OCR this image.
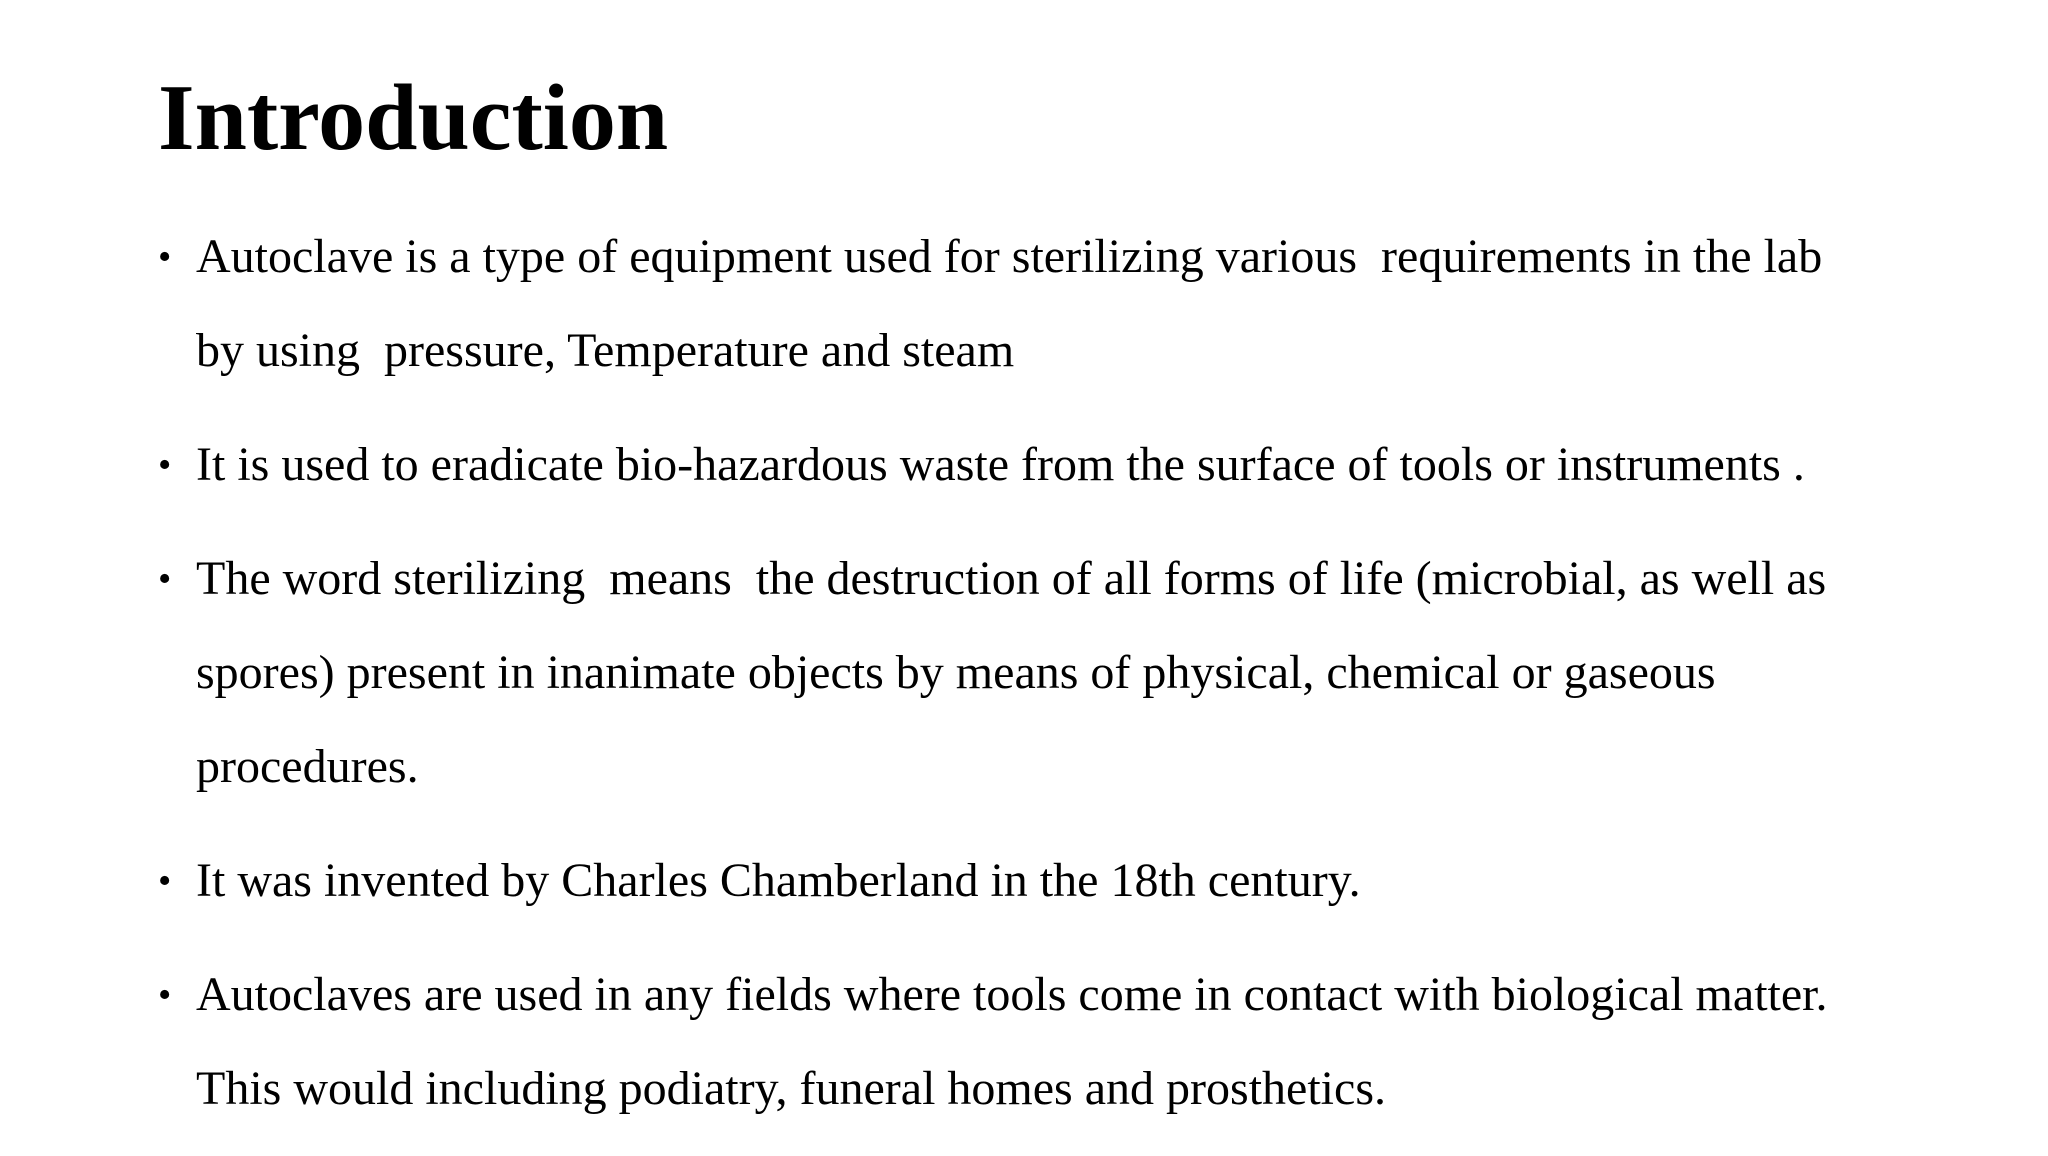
Introduction
• Autoclave is a type of equipment used for sterilizing various  requirements in the lab
by using  pressure, Temperature and steam
• It is used to eradicate bio-hazardous waste from the surface of tools or instruments .
• The word sterilizing  means  the destruction of all forms of life (microbial, as well as
spores) present in inanimate objects by means of physical, chemical or gaseous
procedures.
• It was invented by Charles Chamberland in the 18th century.
• Autoclaves are used in any fields where tools come in contact with biological matter.
This would including podiatry, funeral homes and prosthetics.
